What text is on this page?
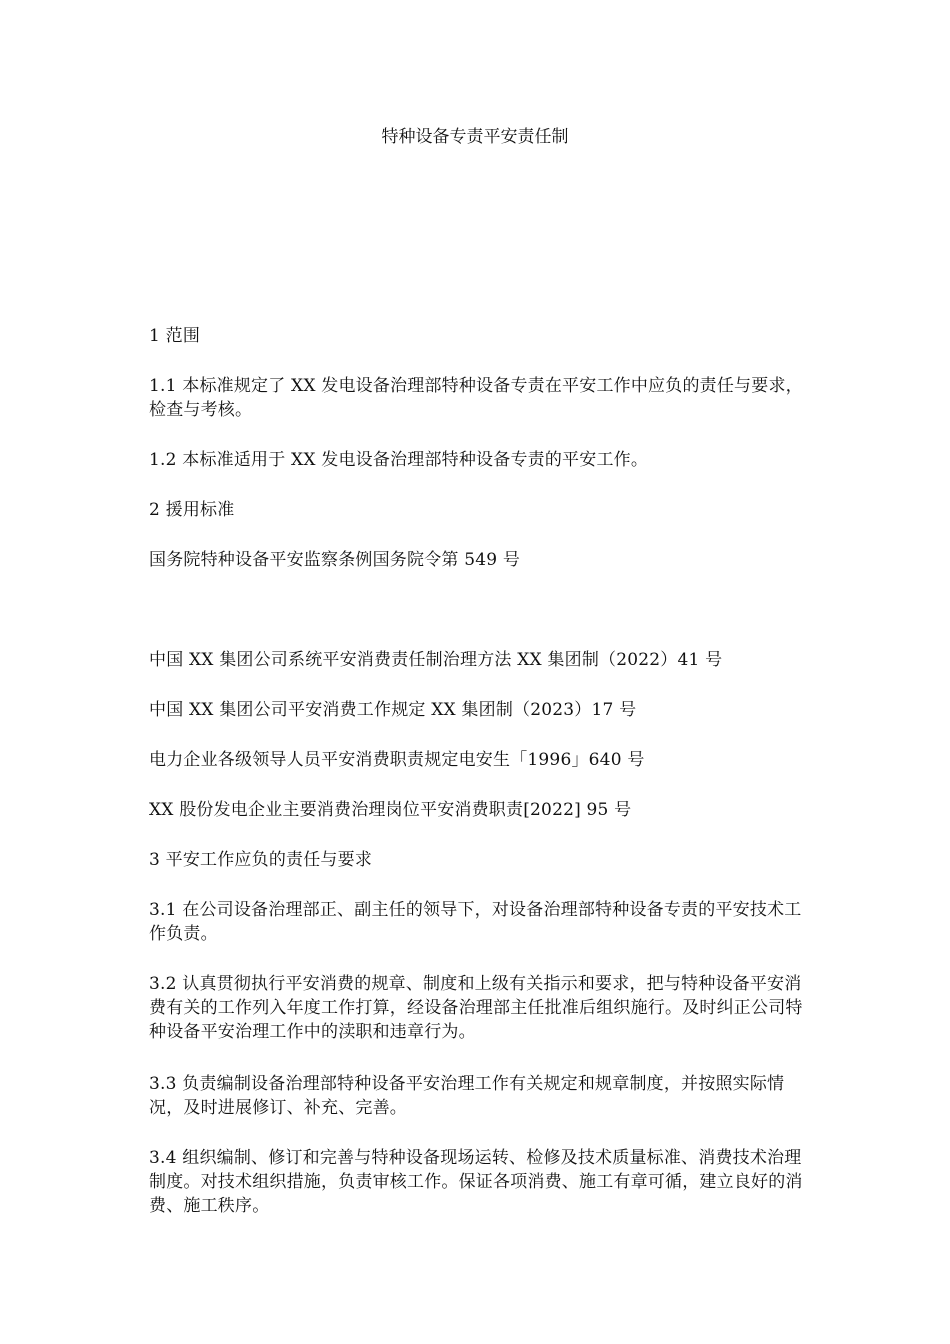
特种设备专责平安责任制

1 范围

1.1 本标准规定了 XX 发电设备治理部特种设备专责在平安工作中应负的责任与要求，检查与考核。

1.2 本标准适用于 XX 发电设备治理部特种设备专责的平安工作。

2 援用标准

国务院特种设备平安监察条例国务院令第 549 号

中国 XX 集团公司系统平安消费责任制治理方法 XX 集团制（2022）41 号

中国 XX 集团公司平安消费工作规定 XX 集团制（2023）17 号

电力企业各级领导人员平安消费职责规定电安生「1996」640 号

XX 股份发电企业主要消费治理岗位平安消费职责[2022] 95 号

3 平安工作应负的责任与要求

3.1 在公司设备治理部正、副主任的领导下，对设备治理部特种设备专责的平安技术工作负责。

3.2 认真贯彻执行平安消费的规章、制度和上级有关指示和要求，把与特种设备平安消费有关的工作列入年度工作打算，经设备治理部主任批准后组织施行。及时纠正公司特种设备平安治理工作中的渎职和违章行为。

3.3 负责编制设备治理部特种设备平安治理工作有关规定和规章制度，并按照实际情况，及时进展修订、补充、完善。

3.4 组织编制、修订和完善与特种设备现场运转、检修及技术质量标准、消费技术治理制度。对技术组织措施，负责审核工作。保证各项消费、施工有章可循，建立良好的消费、施工秩序。
